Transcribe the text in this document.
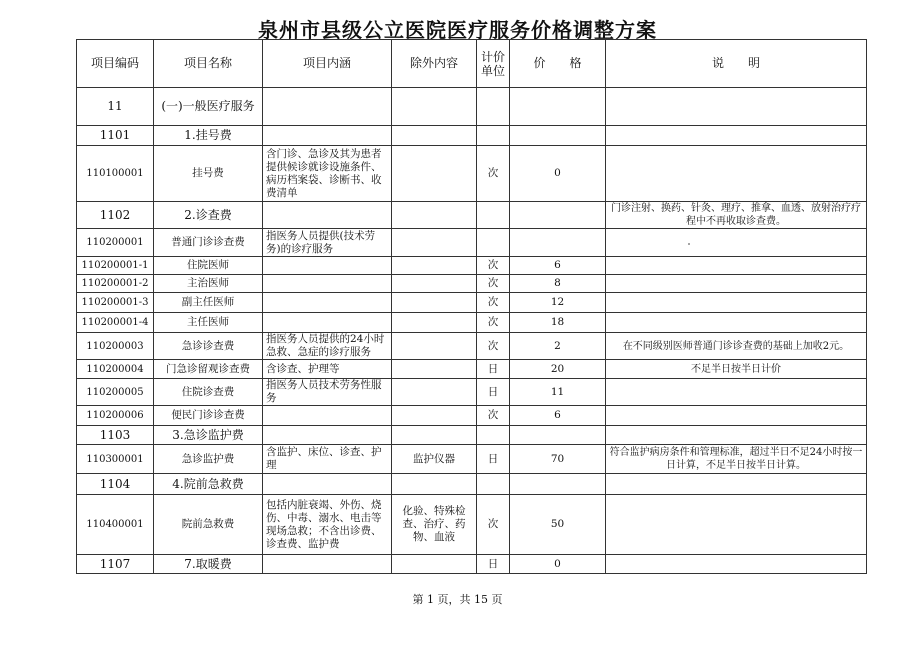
泉州市县级公立医院医疗服务价格调整方案
项目编码	项目名称	项目内涵	除外内容	计价单位	价　　格	说　　明
11	(一)一般医疗服务					
1101	1.挂号费					
110100001	挂号费	含门诊、急诊及其为患者提供候诊就诊设施条件、病历档案袋、诊断书、收费清单		次	0	
1102	2.诊查费					门诊注射、换药、针灸、理疗、推拿、血透、放射治疗疗程中不再收取诊查费。
110200001	普通门诊诊查费	指医务人员提供(技术劳务)的诊疗服务				
110200001-1	住院医师			次	6	
110200001-2	主治医师			次	8	
110200001-3	副主任医师			次	12	
110200001-4	主任医师			次	18	
110200003	急诊诊查费	指医务人员提供的24小时急救、急症的诊疗服务		次	2	在不同级别医师普通门诊诊查费的基础上加收2元。
110200004	门急诊留观诊查费	含诊查、护理等		日	20	不足半日按半日计价
110200005	住院诊查费	指医务人员技术劳务性服务		日	11	
110200006	便民门诊诊查费			次	6	
1103	3.急诊监护费					
110300001	急诊监护费	含监护、床位、诊查、护理	监护仪器	日	70	符合监护病房条件和管理标准，超过半日不足24小时按一日计算，不足半日按半日计算。
1104	4.院前急救费					
110400001	院前急救费	包括内脏衰竭、外伤、烧伤、中毒、溺水、电击等现场急救；不含出诊费、诊查费、监护费	化验、特殊检查、治疗、药物、血液	次	50	
1107	7.取暖费			日	0	
第 1 页，共 15 页
